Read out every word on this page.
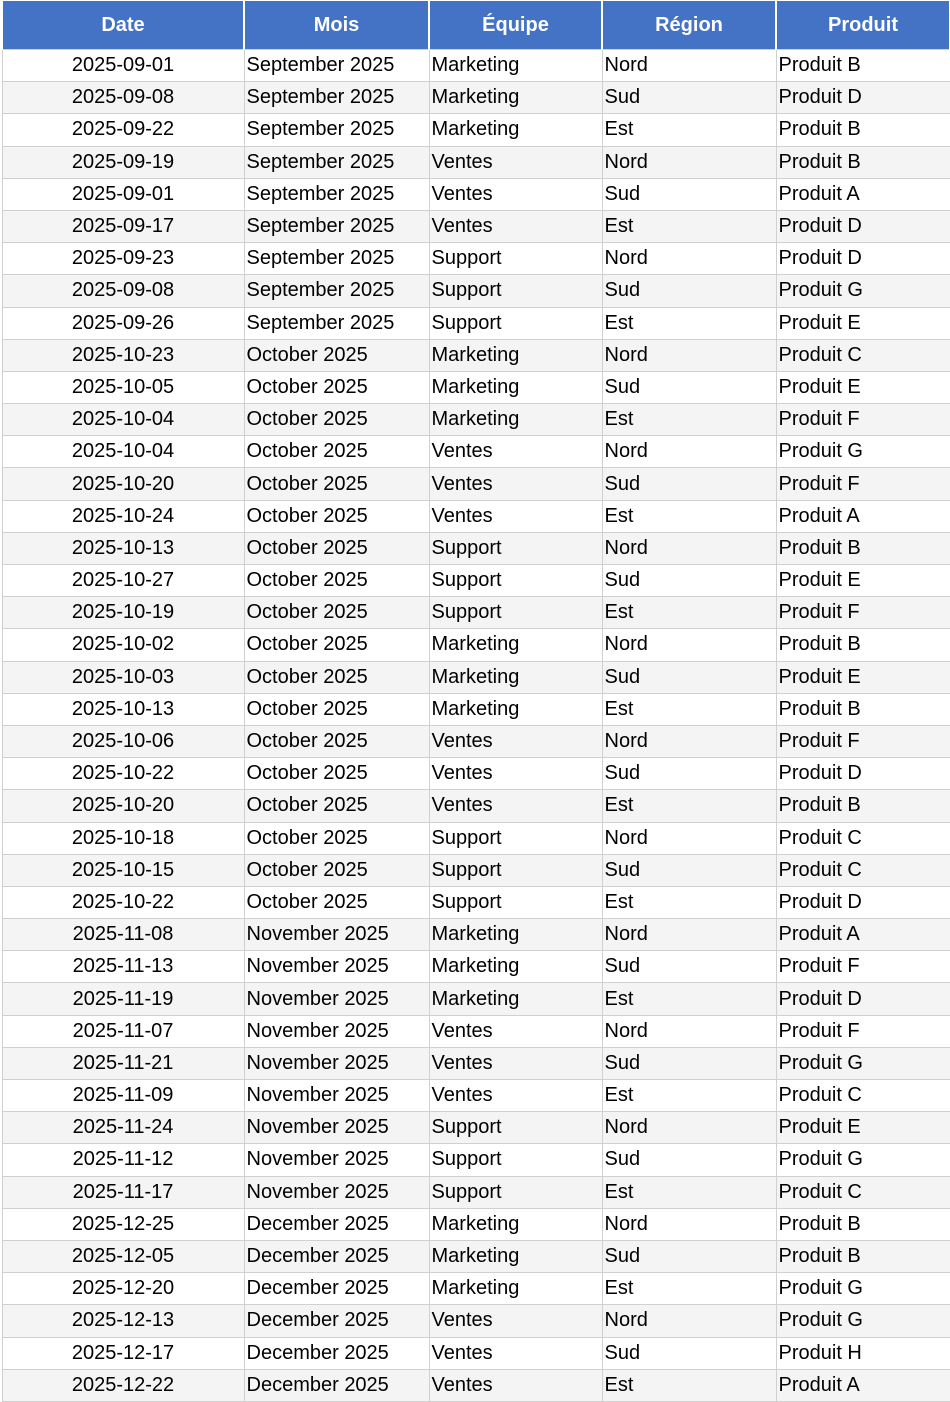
Date	Mois	Équipe	Région	Produit
2025-09-01	September 2025	Marketing	Nord	Produit B
2025-09-08	September 2025	Marketing	Sud	Produit D
2025-09-22	September 2025	Marketing	Est	Produit B
2025-09-19	September 2025	Ventes	Nord	Produit B
2025-09-01	September 2025	Ventes	Sud	Produit A
2025-09-17	September 2025	Ventes	Est	Produit D
2025-09-23	September 2025	Support	Nord	Produit D
2025-09-08	September 2025	Support	Sud	Produit G
2025-09-26	September 2025	Support	Est	Produit E
2025-10-23	October 2025	Marketing	Nord	Produit C
2025-10-05	October 2025	Marketing	Sud	Produit E
2025-10-04	October 2025	Marketing	Est	Produit F
2025-10-04	October 2025	Ventes	Nord	Produit G
2025-10-20	October 2025	Ventes	Sud	Produit F
2025-10-24	October 2025	Ventes	Est	Produit A
2025-10-13	October 2025	Support	Nord	Produit B
2025-10-27	October 2025	Support	Sud	Produit E
2025-10-19	October 2025	Support	Est	Produit F
2025-10-02	October 2025	Marketing	Nord	Produit B
2025-10-03	October 2025	Marketing	Sud	Produit E
2025-10-13	October 2025	Marketing	Est	Produit B
2025-10-06	October 2025	Ventes	Nord	Produit F
2025-10-22	October 2025	Ventes	Sud	Produit D
2025-10-20	October 2025	Ventes	Est	Produit B
2025-10-18	October 2025	Support	Nord	Produit C
2025-10-15	October 2025	Support	Sud	Produit C
2025-10-22	October 2025	Support	Est	Produit D
2025-11-08	November 2025	Marketing	Nord	Produit A
2025-11-13	November 2025	Marketing	Sud	Produit F
2025-11-19	November 2025	Marketing	Est	Produit D
2025-11-07	November 2025	Ventes	Nord	Produit F
2025-11-21	November 2025	Ventes	Sud	Produit G
2025-11-09	November 2025	Ventes	Est	Produit C
2025-11-24	November 2025	Support	Nord	Produit E
2025-11-12	November 2025	Support	Sud	Produit G
2025-11-17	November 2025	Support	Est	Produit C
2025-12-25	December 2025	Marketing	Nord	Produit B
2025-12-05	December 2025	Marketing	Sud	Produit B
2025-12-20	December 2025	Marketing	Est	Produit G
2025-12-13	December 2025	Ventes	Nord	Produit G
2025-12-17	December 2025	Ventes	Sud	Produit H
2025-12-22	December 2025	Ventes	Est	Produit A
